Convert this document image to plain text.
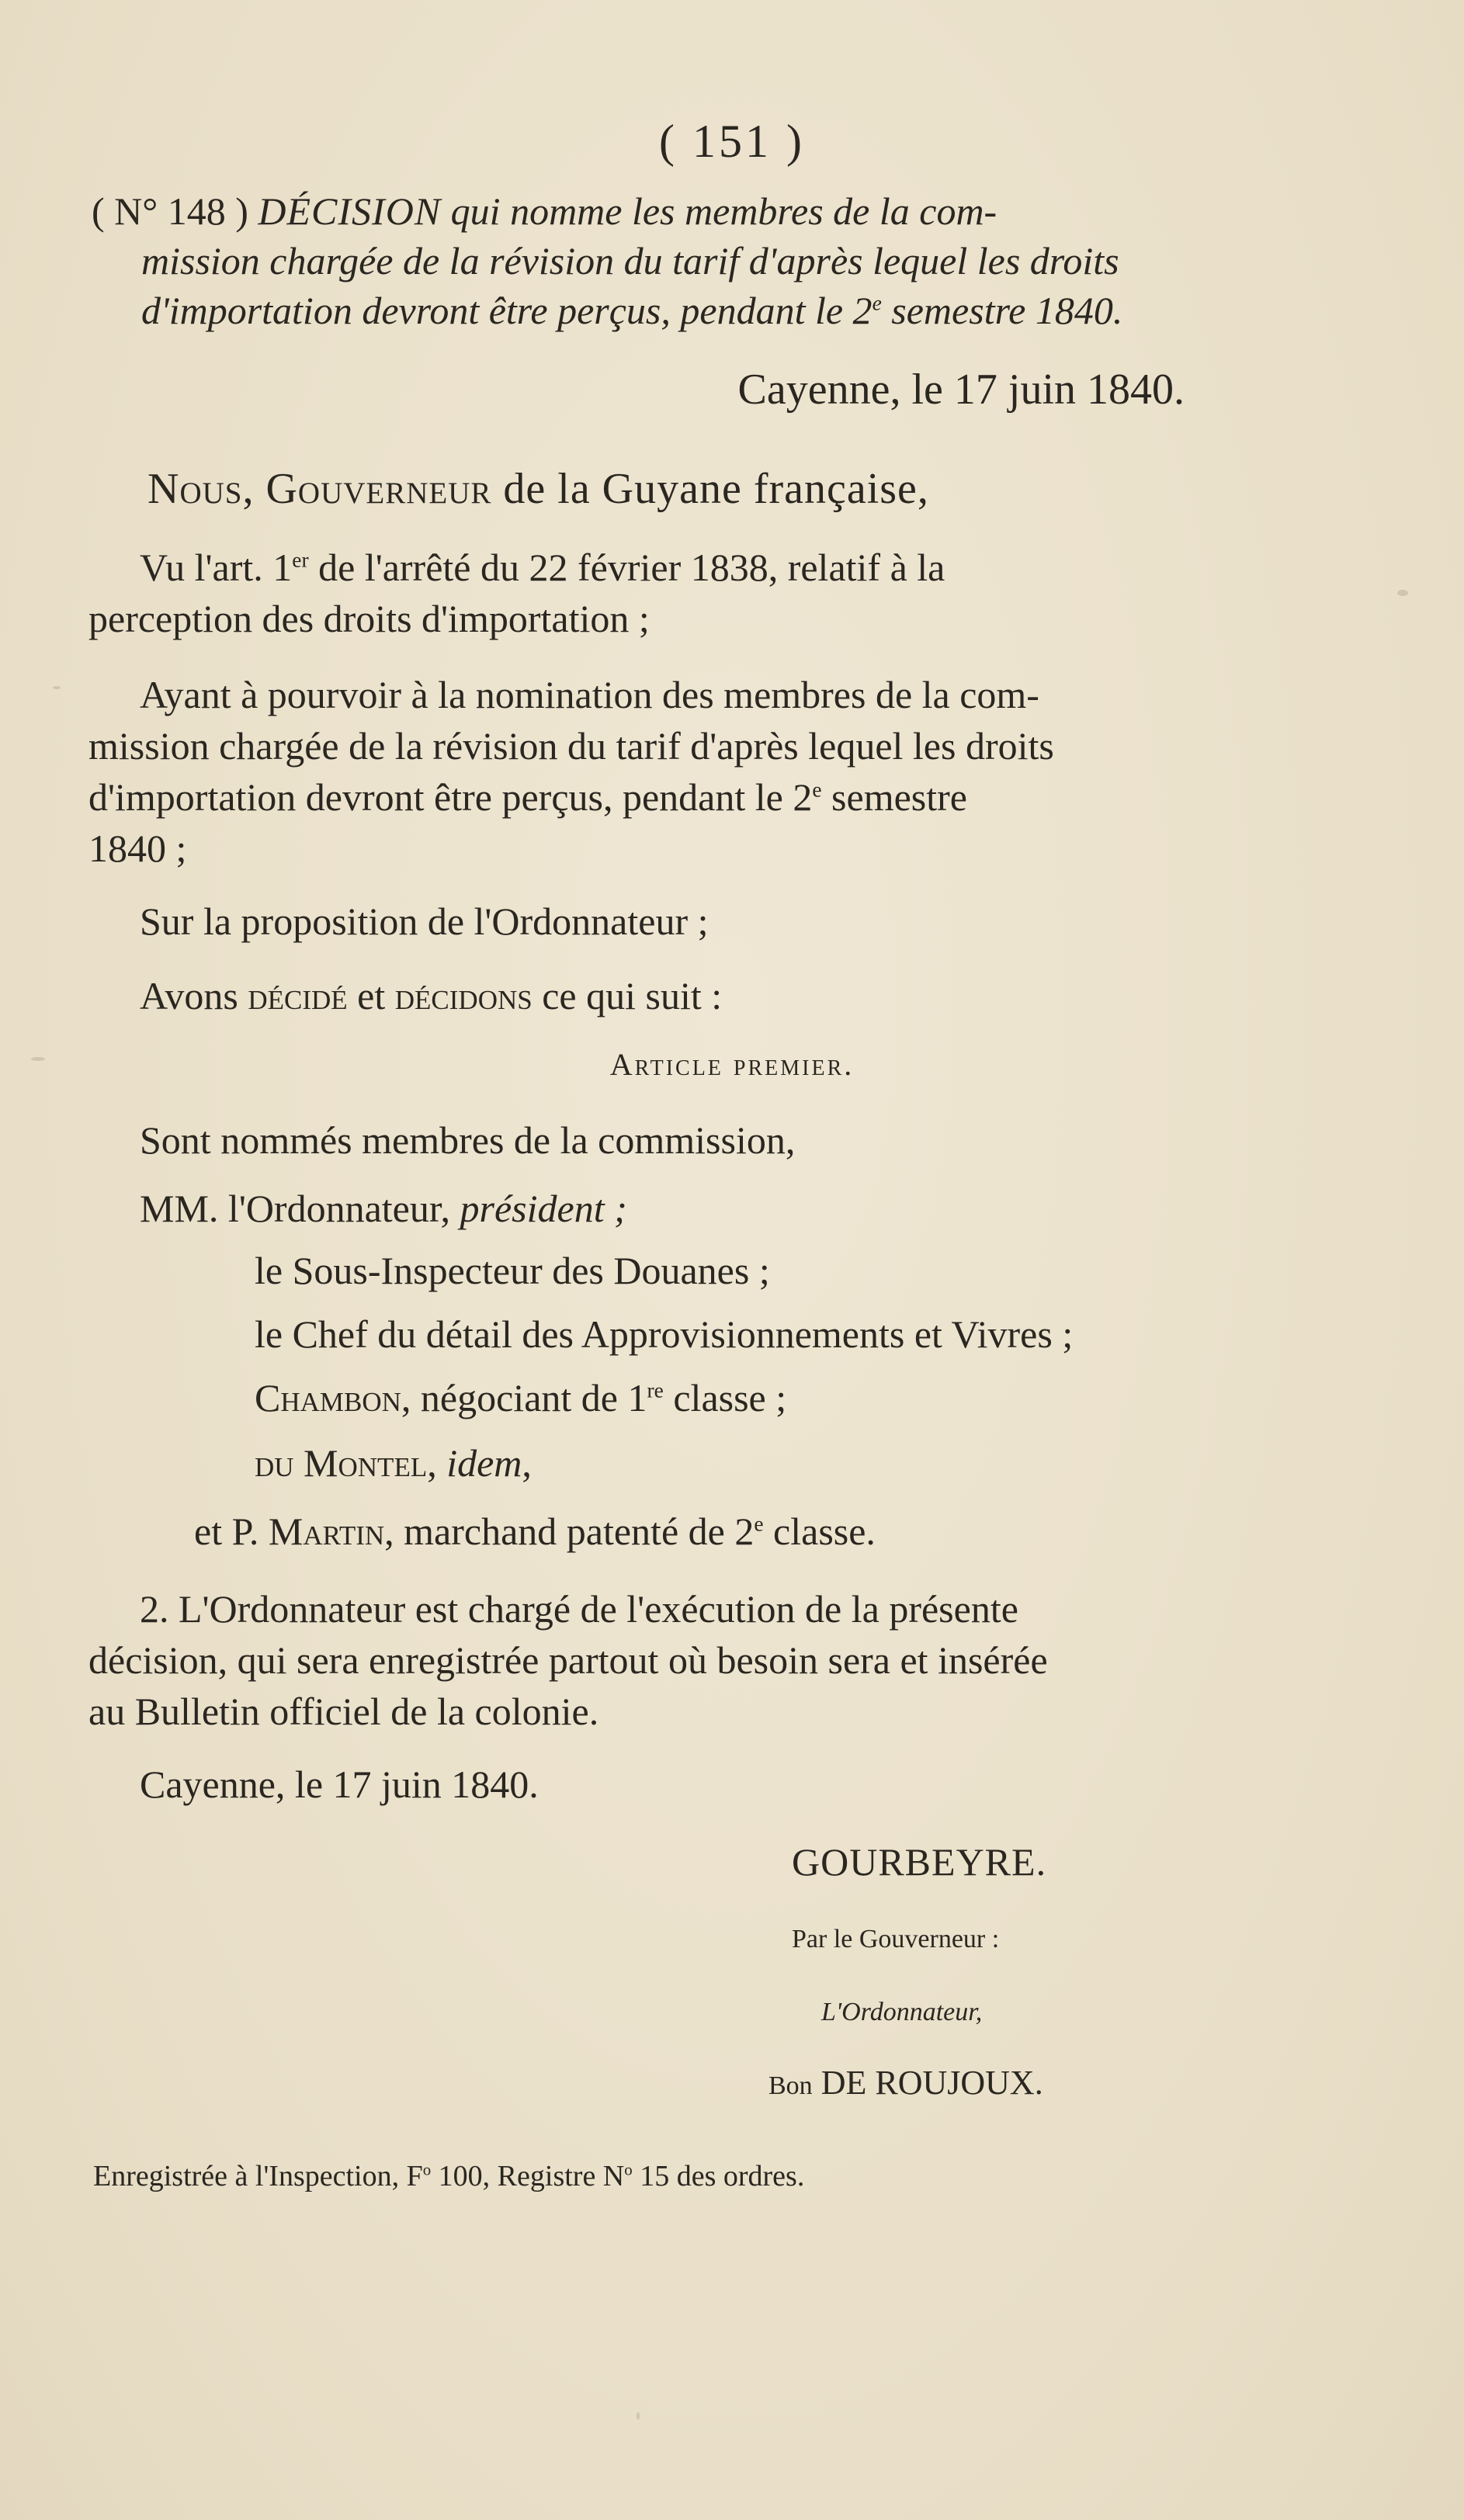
( 151 )
( N° 148 ) DÉCISION qui nomme les membres de la com-
mission chargée de la révision du tarif d'après lequel les droits
d'importation devront être perçus, pendant le 2e semestre 1840.
Cayenne, le 17 juin 1840.
Nous, Gouverneur de la Guyane française,
Vu l'art. 1er de l'arrêté du 22 février 1838, relatif à la
perception des droits d'importation ;
Ayant à pourvoir à la nomination des membres de la com-
mission chargée de la révision du tarif d'après lequel les droits
d'importation devront être perçus, pendant le 2e semestre
1840 ;
Sur la proposition de l'Ordonnateur ;
Avons décidé et décidons ce qui suit :
Article premier.
Sont nommés membres de la commission,
MM. l'Ordonnateur, président ;
le Sous-Inspecteur des Douanes ;
le Chef du détail des Approvisionnements et Vivres ;
Chambon, négociant de 1re classe ;
du Montel, idem,
et P. Martin, marchand patenté de 2e classe.
2. L'Ordonnateur est chargé de l'exécution de la présente
décision, qui sera enregistrée partout où besoin sera et insérée
au Bulletin officiel de la colonie.
Cayenne, le 17 juin 1840.
GOURBEYRE.
Par le Gouverneur :
L'Ordonnateur,
Bon DE ROUJOUX.
Enregistrée à l'Inspection, $F^o$ 100, Registre $N^o$ 15 des ordres.
